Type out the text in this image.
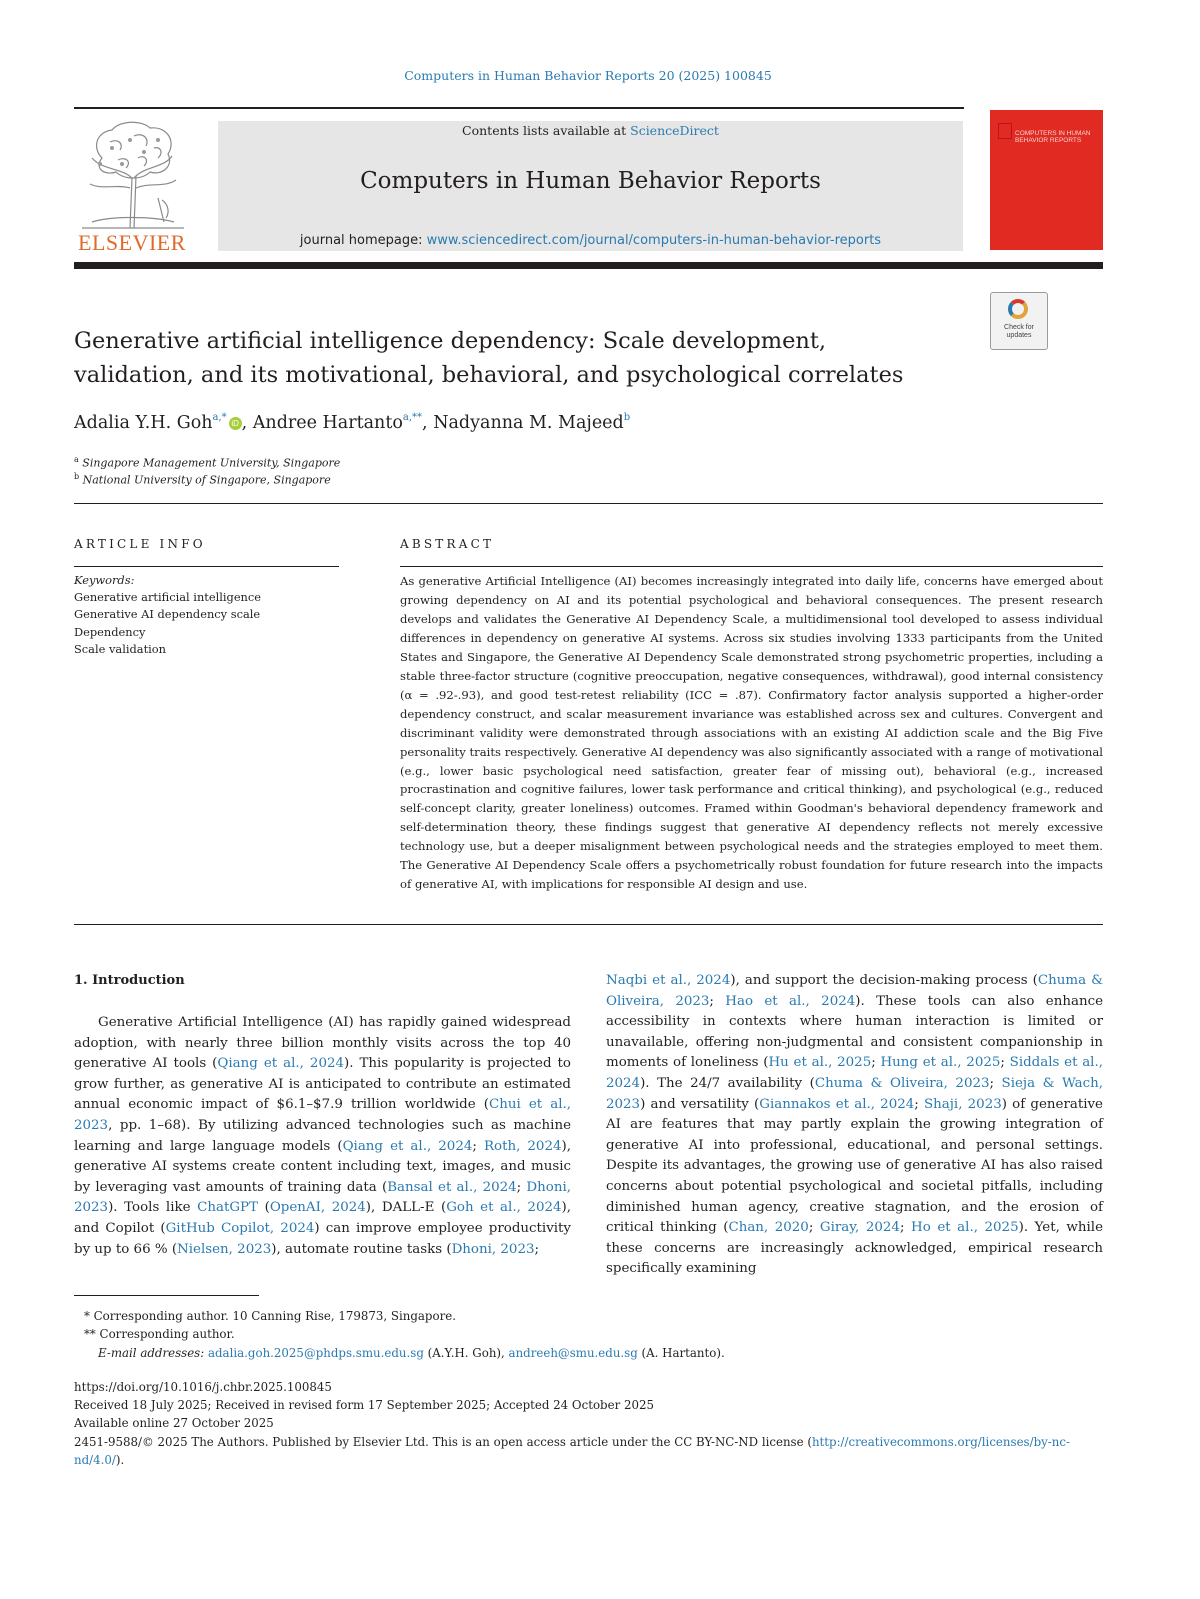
Computers in Human Behavior Reports 20 (2025) 100845
ELSEVIER
Contents lists available at ScienceDirect
Computers in Human Behavior Reports
journal homepage: www.sciencedirect.com/journal/computers-in-human-behavior-reports
COMPUTERS IN HUMAN BEHAVIOR REPORTS
Generative artificial intelligence dependency: Scale development,
validation, and its motivational, behavioral, and psychological correlates
Check for updates
Adalia Y.H. Goh$^{a,*}$iD , Andree Hartanto$^{a,**}$, Nadyanna M. Majeed$^b$
$^a$ Singapore Management University, Singapore
$^b$ National University of Singapore, Singapore
ARTICLE INFO	ABSTRACT
Keywords:
Generative artificial intelligence
Generative AI dependency scale
Dependency
Scale validation
As generative Artificial Intelligence (AI) becomes increasingly integrated into daily life, concerns have emerged about growing dependency on AI and its potential psychological and behavioral consequences. The present research develops and validates the Generative AI Dependency Scale, a multidimensional tool developed to assess individual differences in dependency on generative AI systems. Across six studies involving 1333 participants from the United States and Singapore, the Generative AI Dependency Scale demonstrated strong psychometric properties, including a stable three-factor structure (cognitive preoccupation, negative consequences, withdrawal), good internal consistency (α = .92-.93), and good test-retest reliability (ICC = .87). Confirmatory factor analysis supported a higher-order dependency construct, and scalar measurement invariance was established across sex and cultures. Convergent and discriminant validity were demonstrated through associations with an existing AI addiction scale and the Big Five personality traits respectively. Generative AI dependency was also significantly associated with a range of motivational (e.g., lower basic psychological need satisfaction, greater fear of missing out), behavioral (e.g., increased procrastination and cognitive failures, lower task performance and critical thinking), and psychological (e.g., reduced self-concept clarity, greater loneliness) outcomes. Framed within Goodman's behavioral dependency framework and self-determination theory, these findings suggest that generative AI dependency reflects not merely excessive technology use, but a deeper misalignment between psychological needs and the strategies employed to meet them. The Generative AI Dependency Scale offers a psychometrically robust foundation for future research into the impacts of generative AI, with implications for responsible AI design and use.
1. Introduction
Generative Artificial Intelligence (AI) has rapidly gained widespread adoption, with nearly three billion monthly visits across the top 40 generative AI tools (Qiang et al., 2024). This popularity is projected to grow further, as generative AI is anticipated to contribute an estimated annual economic impact of $6.1–$7.9 trillion worldwide (Chui et al., 2023, pp. 1–68). By utilizing advanced technologies such as machine learning and large language models (Qiang et al., 2024; Roth, 2024), generative AI systems create content including text, images, and music by leveraging vast amounts of training data (Bansal et al., 2024; Dhoni, 2023). Tools like ChatGPT (OpenAI, 2024), DALL-E (Goh et al., 2024), and Copilot (GitHub Copilot, 2024) can improve employee productivity by up to 66 % (Nielsen, 2023), automate routine tasks (Dhoni, 2023;
Naqbi et al., 2024), and support the decision-making process (Chuma & Oliveira, 2023; Hao et al., 2024). These tools can also enhance accessibility in contexts where human interaction is limited or unavailable, offering non-judgmental and consistent companionship in moments of loneliness (Hu et al., 2025; Hung et al., 2025; Siddals et al., 2024). The 24/7 availability (Chuma & Oliveira, 2023; Sieja & Wach, 2023) and versatility (Giannakos et al., 2024; Shaji, 2023) of generative AI are features that may partly explain the growing integration of generative AI into professional, educational, and personal settings. Despite its advantages, the growing use of generative AI has also raised concerns about potential psychological and societal pitfalls, including diminished human agency, creative stagnation, and the erosion of critical thinking (Chan, 2020; Giray, 2024; Ho et al., 2025). Yet, while these concerns are increasingly acknowledged, empirical research specifically examining
* Corresponding author. 10 Canning Rise, 179873, Singapore.
** Corresponding author.
E-mail addresses: adalia.goh.2025@phdps.smu.edu.sg (A.Y.H. Goh), andreeh@smu.edu.sg (A. Hartanto).
https://doi.org/10.1016/j.chbr.2025.100845
Received 18 July 2025; Received in revised form 17 September 2025; Accepted 24 October 2025
Available online 27 October 2025
2451-9588/© 2025 The Authors. Published by Elsevier Ltd. This is an open access article under the CC BY-NC-ND license (http://creativecommons.org/licenses/by-nc-nd/4.0/).
